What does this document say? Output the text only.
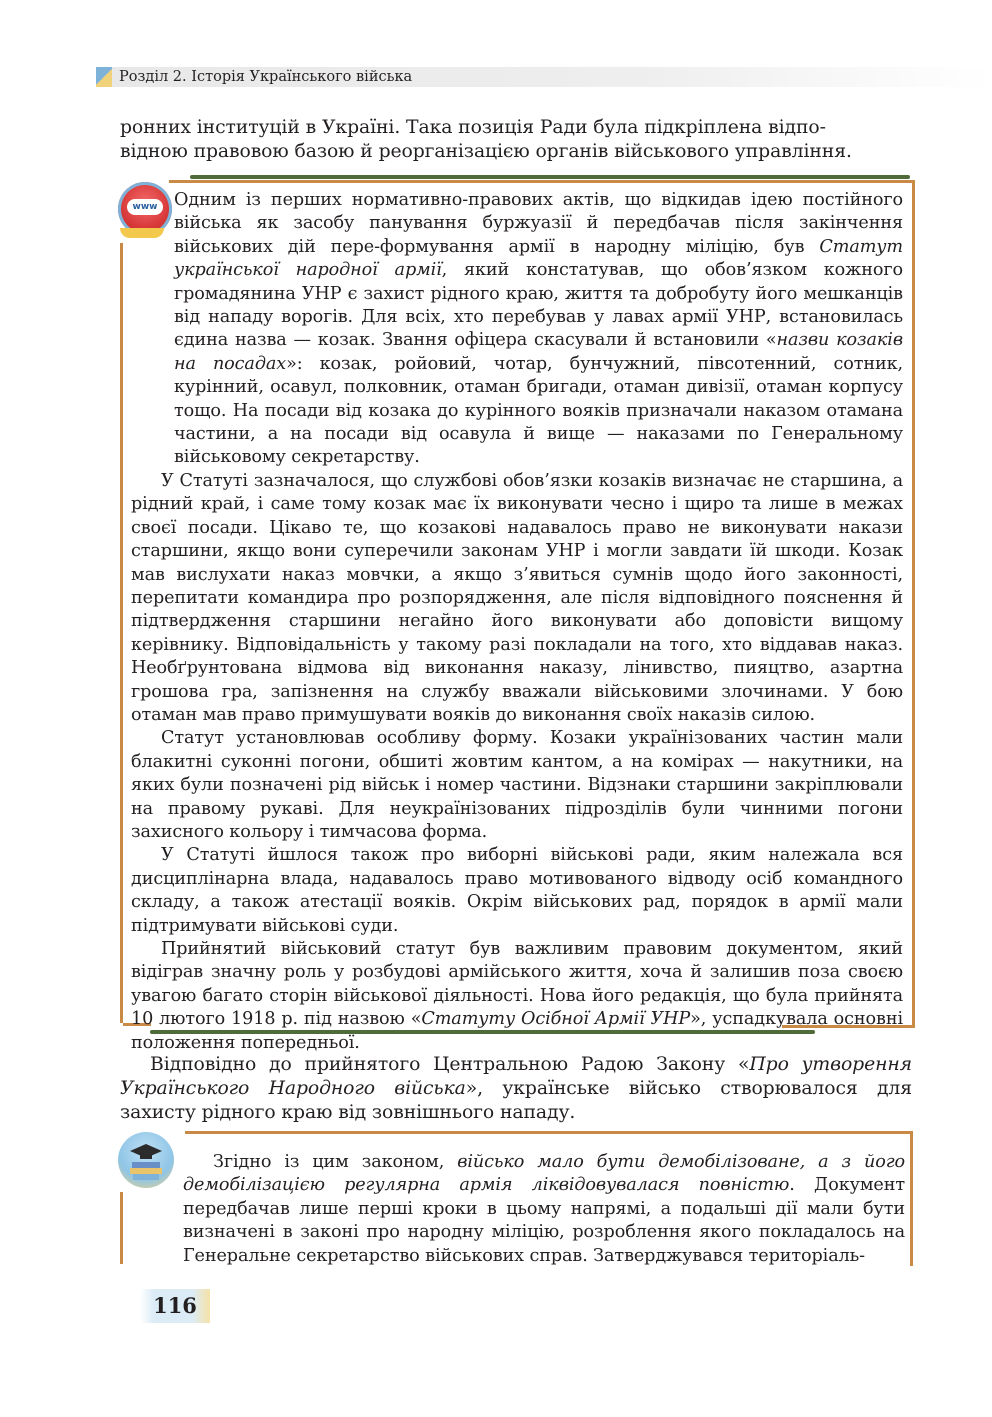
Розділ 2. Історія Українського війська

ронних інституцій в Україні. Така позиція Ради була підкріплена відпо-

відною правовою базою й реорганізацією органів військового управління.

www Одним із перших нормативно-правових актів, що відкидав ідею постійного війська як засобу панування буржуазії й передбачав після закінчення військових дій пере-формування армії в народну міліцію, був Статут української народної армії, який констатував, що обов’язком кожного громадянина УНР є захист рідного краю, життя та добробуту його мешканців від нападу ворогів. Для всіх, хто перебував у лавах армії УНР, встановилась єдина назва — козак. Звання офіцера скасували й встановили «назви козаків на посадах»: козак, ройовий, чотар, бунчужний, півсотенний, сотник, курінний, осавул, полковник, отаман бригади, отаман дивізії, отаман корпусу тощо. На посади від козака до курінного вояків призначали наказом отамана частини, а на посади від осавула й вище — наказами по Генеральному військовому секретарству.

У Статуті зазначалося, що службові обов’язки козаків визначає не старшина, а рідний край, і саме тому козак має їх виконувати чесно і щиро та лише в межах своєї посади. Цікаво те, що козакові надавалось право не виконувати накази старшини, якщо вони суперечили законам УНР і могли завдати їй шкоди. Козак мав вислухати наказ мовчки, а якщо з’явиться сумнів щодо його законності, перепитати командира про розпорядження, але після відповідного пояснення й підтвердження старшини негайно його виконувати або доповісти вищому керівнику. Відповідальність у такому разі покладали на того, хто віддавав наказ. Необґрунтована відмова від виконання наказу, лінивство, пияцтво, азартна грошова гра, запізнення на службу вважали військовими злочинами. У бою отаман мав право примушувати вояків до виконання своїх наказів силою.

Статут установлював особливу форму. Козаки українізованих частин мали блакитні суконні погони, обшиті жовтим кантом, а на комірах — накутники, на яких були позначені рід військ і номер частини. Відзнаки старшини закріплювали на правому рукаві. Для неукраїнізованих підрозділів були чинними погони захисного кольору і тимчасова форма.

У Статуті йшлося також про виборні військові ради, яким належала вся дисциплінарна влада, надавалось право мотивованого відводу осіб командного складу, а також атестації вояків. Окрім військових рад, порядок в армії мали підтримувати військові суди.

Прийнятий військовий статут був важливим правовим документом, який відіграв значну роль у розбудові армійського життя, хоча й залишив поза своєю увагою багато сторін військової діяльності. Нова його редакція, що була прийнята 10 лютого 1918 р. під назвою «Статуту Осібної Армії УНР», успадкувала основні положення попередньої.

Відповідно до прийнятого Центральною Радою Закону «Про утворення Українського Народного війська», українське військо створювалося для захисту рідного краю від зовнішнього нападу.

Згідно із цим законом, військо мало бути демобілізоване, а з його демобілізацією регулярна армія ліквідовувалася повністю. Документ передбачав лише перші кроки в цьому напрямі, а подальші дії мали бути визначені в законі про народну міліцію, розроблення якого покладалось на Генеральне секретарство військових справ. Затверджувався територіаль-

116
